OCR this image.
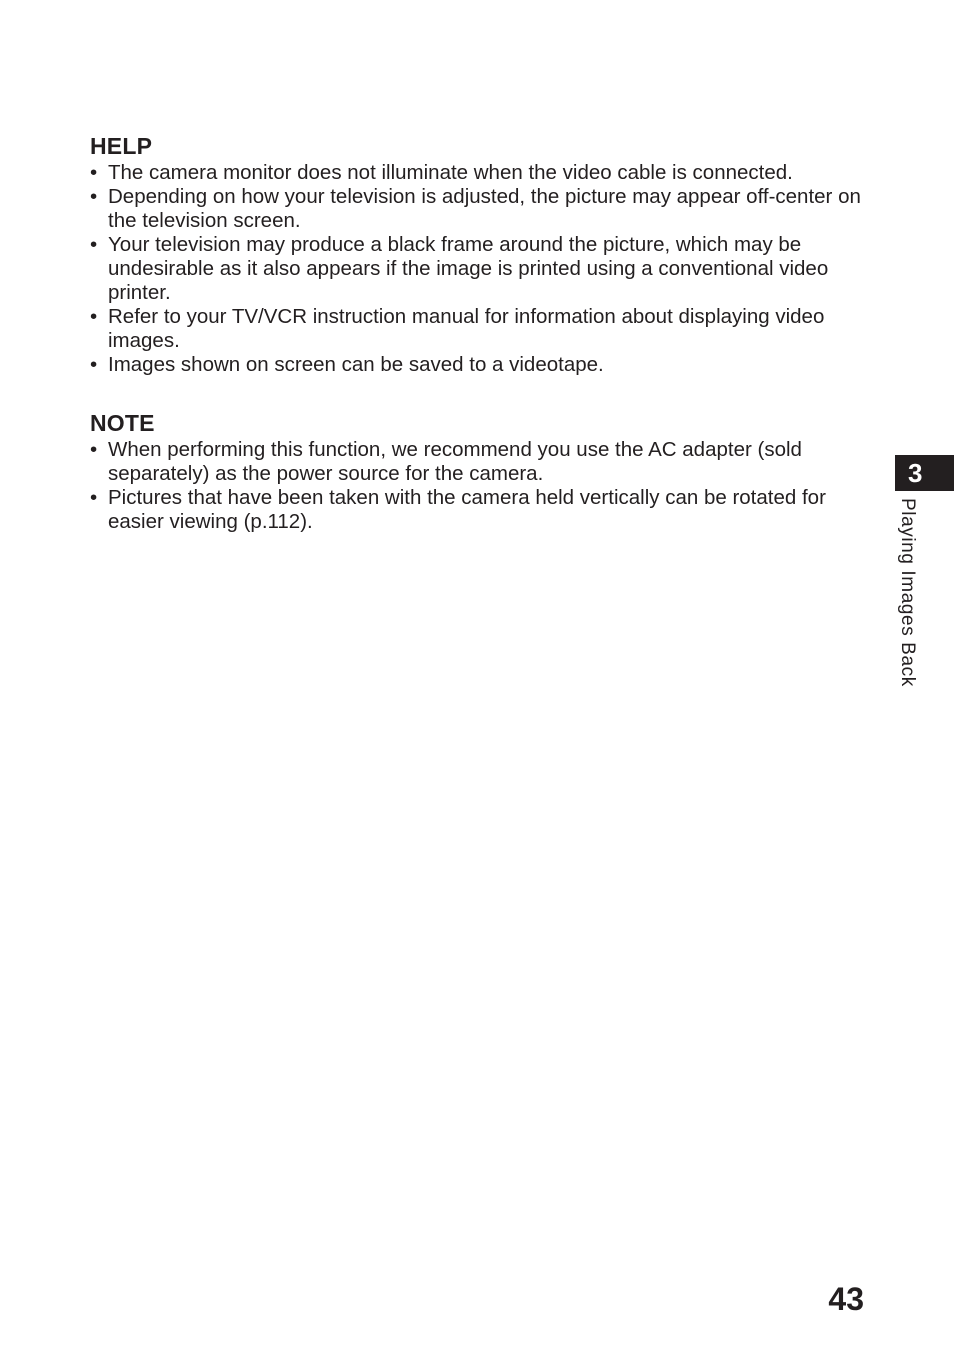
HELP
• The camera monitor does not illuminate when the video cable is connected.
• Depending on how your television is adjusted, the picture may appear off-center on the television screen.
• Your television may produce a black frame around the picture, which may be undesirable as it also appears if the image is printed using a conventional video printer.
• Refer to your TV/VCR instruction manual for information about displaying video images.
• Images shown on screen can be saved to a videotape.
NOTE
• When performing this function, we recommend you use the AC adapter (sold separately) as the power source for the camera.
• Pictures that have been taken with the camera held vertically can be rotated for easier viewing (p.112).
3
Playing Images Back
43
